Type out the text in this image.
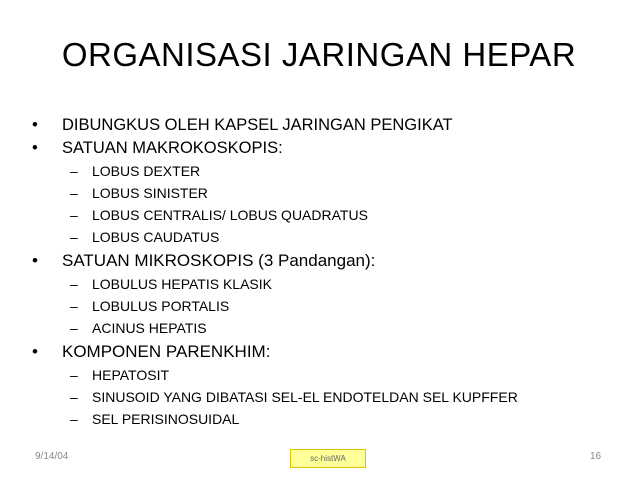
ORGANISASI JARINGAN HEPAR
•	DIBUNGKUS OLEH KAPSEL JARINGAN PENGIKAT
•	SATUAN MAKROKOSKOPIS:
–	LOBUS DEXTER
–	LOBUS SINISTER
–	LOBUS CENTRALIS/ LOBUS QUADRATUS
–	LOBUS CAUDATUS
•	SATUAN MIKROSKOPIS (3 Pandangan):
–	LOBULUS HEPATIS KLASIK
–	LOBULUS PORTALIS
–	ACINUS HEPATIS
•	KOMPONEN PARENKHIM:
–	HEPATOSIT
–	SINUSOID YANG DIBATASI SEL-EL ENDOTELDAN SEL KUPFFER
–	SEL PERISINOSUIDAL
9/14/04	sc-histWA	16
